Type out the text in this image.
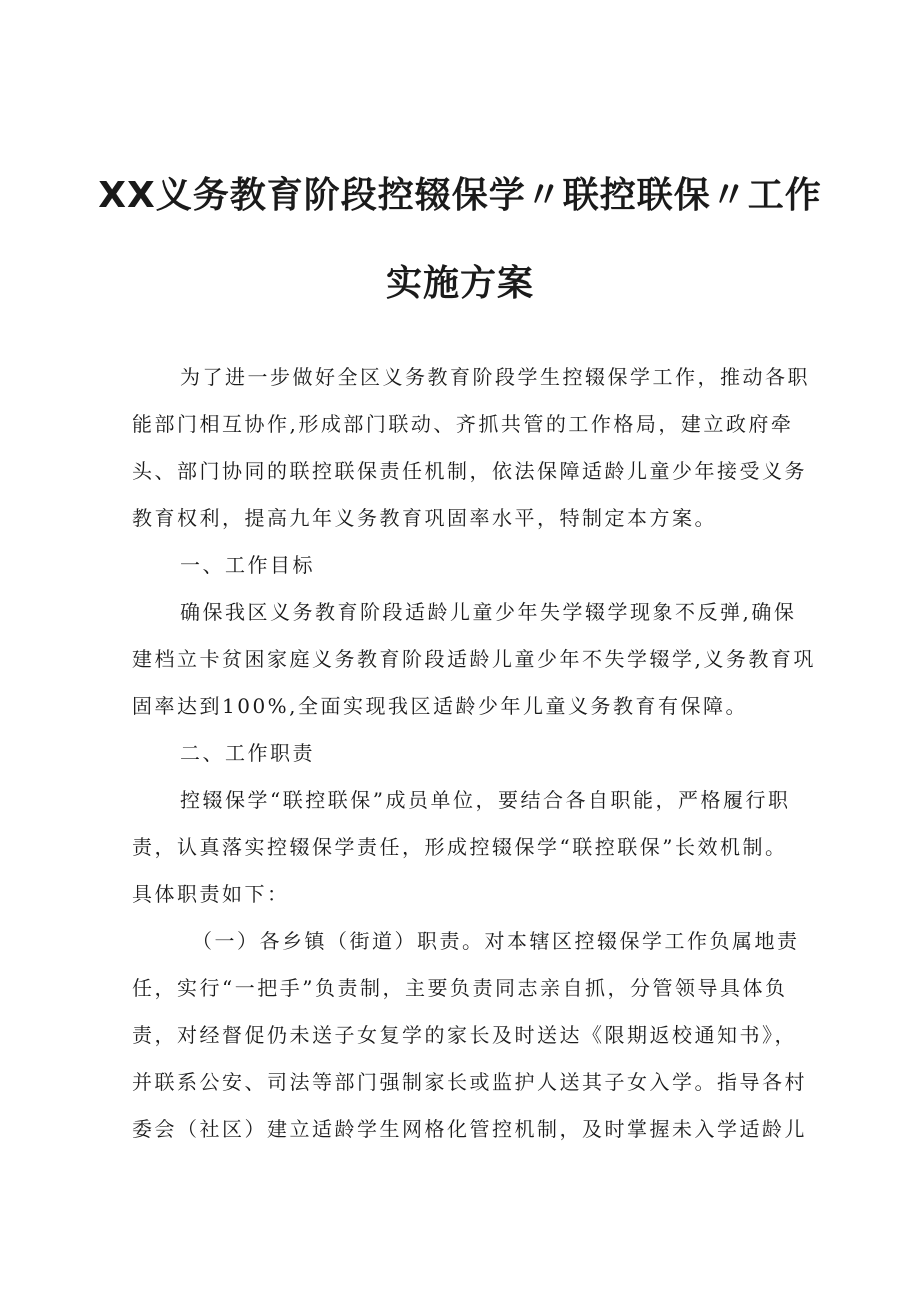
XX义务教育阶段控辍保学〃联控联保〃工作
实施方案
为了进一步做好全区义务教育阶段学生控辍保学工作，推动各职
能部门相互协作,形成部门联动、齐抓共管的工作格局，建立政府牵
头、部门协同的联控联保责任机制，依法保障适龄儿童少年接受义务
教育权利，提高九年义务教育巩固率水平，特制定本方案。
一、工作目标
确保我区义务教育阶段适龄儿童少年失学辍学现象不反弹,确保
建档立卡贫困家庭义务教育阶段适龄儿童少年不失学辍学,义务教育巩
固率达到100%,全面实现我区适龄少年儿童义务教育有保障。
二、工作职责
控辍保学“联控联保”成员单位，要结合各自职能，严格履行职
责，认真落实控辍保学责任，形成控辍保学“联控联保”长效机制。
具体职责如下：
（一）各乡镇（街道）职责。对本辖区控辍保学工作负属地责
任，实行“一把手”负责制，主要负责同志亲自抓，分管领导具体负
责，对经督促仍未送子女复学的家长及时送达《限期返校通知书》，
并联系公安、司法等部门强制家长或监护人送其子女入学。指导各村
委会（社区）建立适龄学生网格化管控机制，及时掌握未入学适龄儿
